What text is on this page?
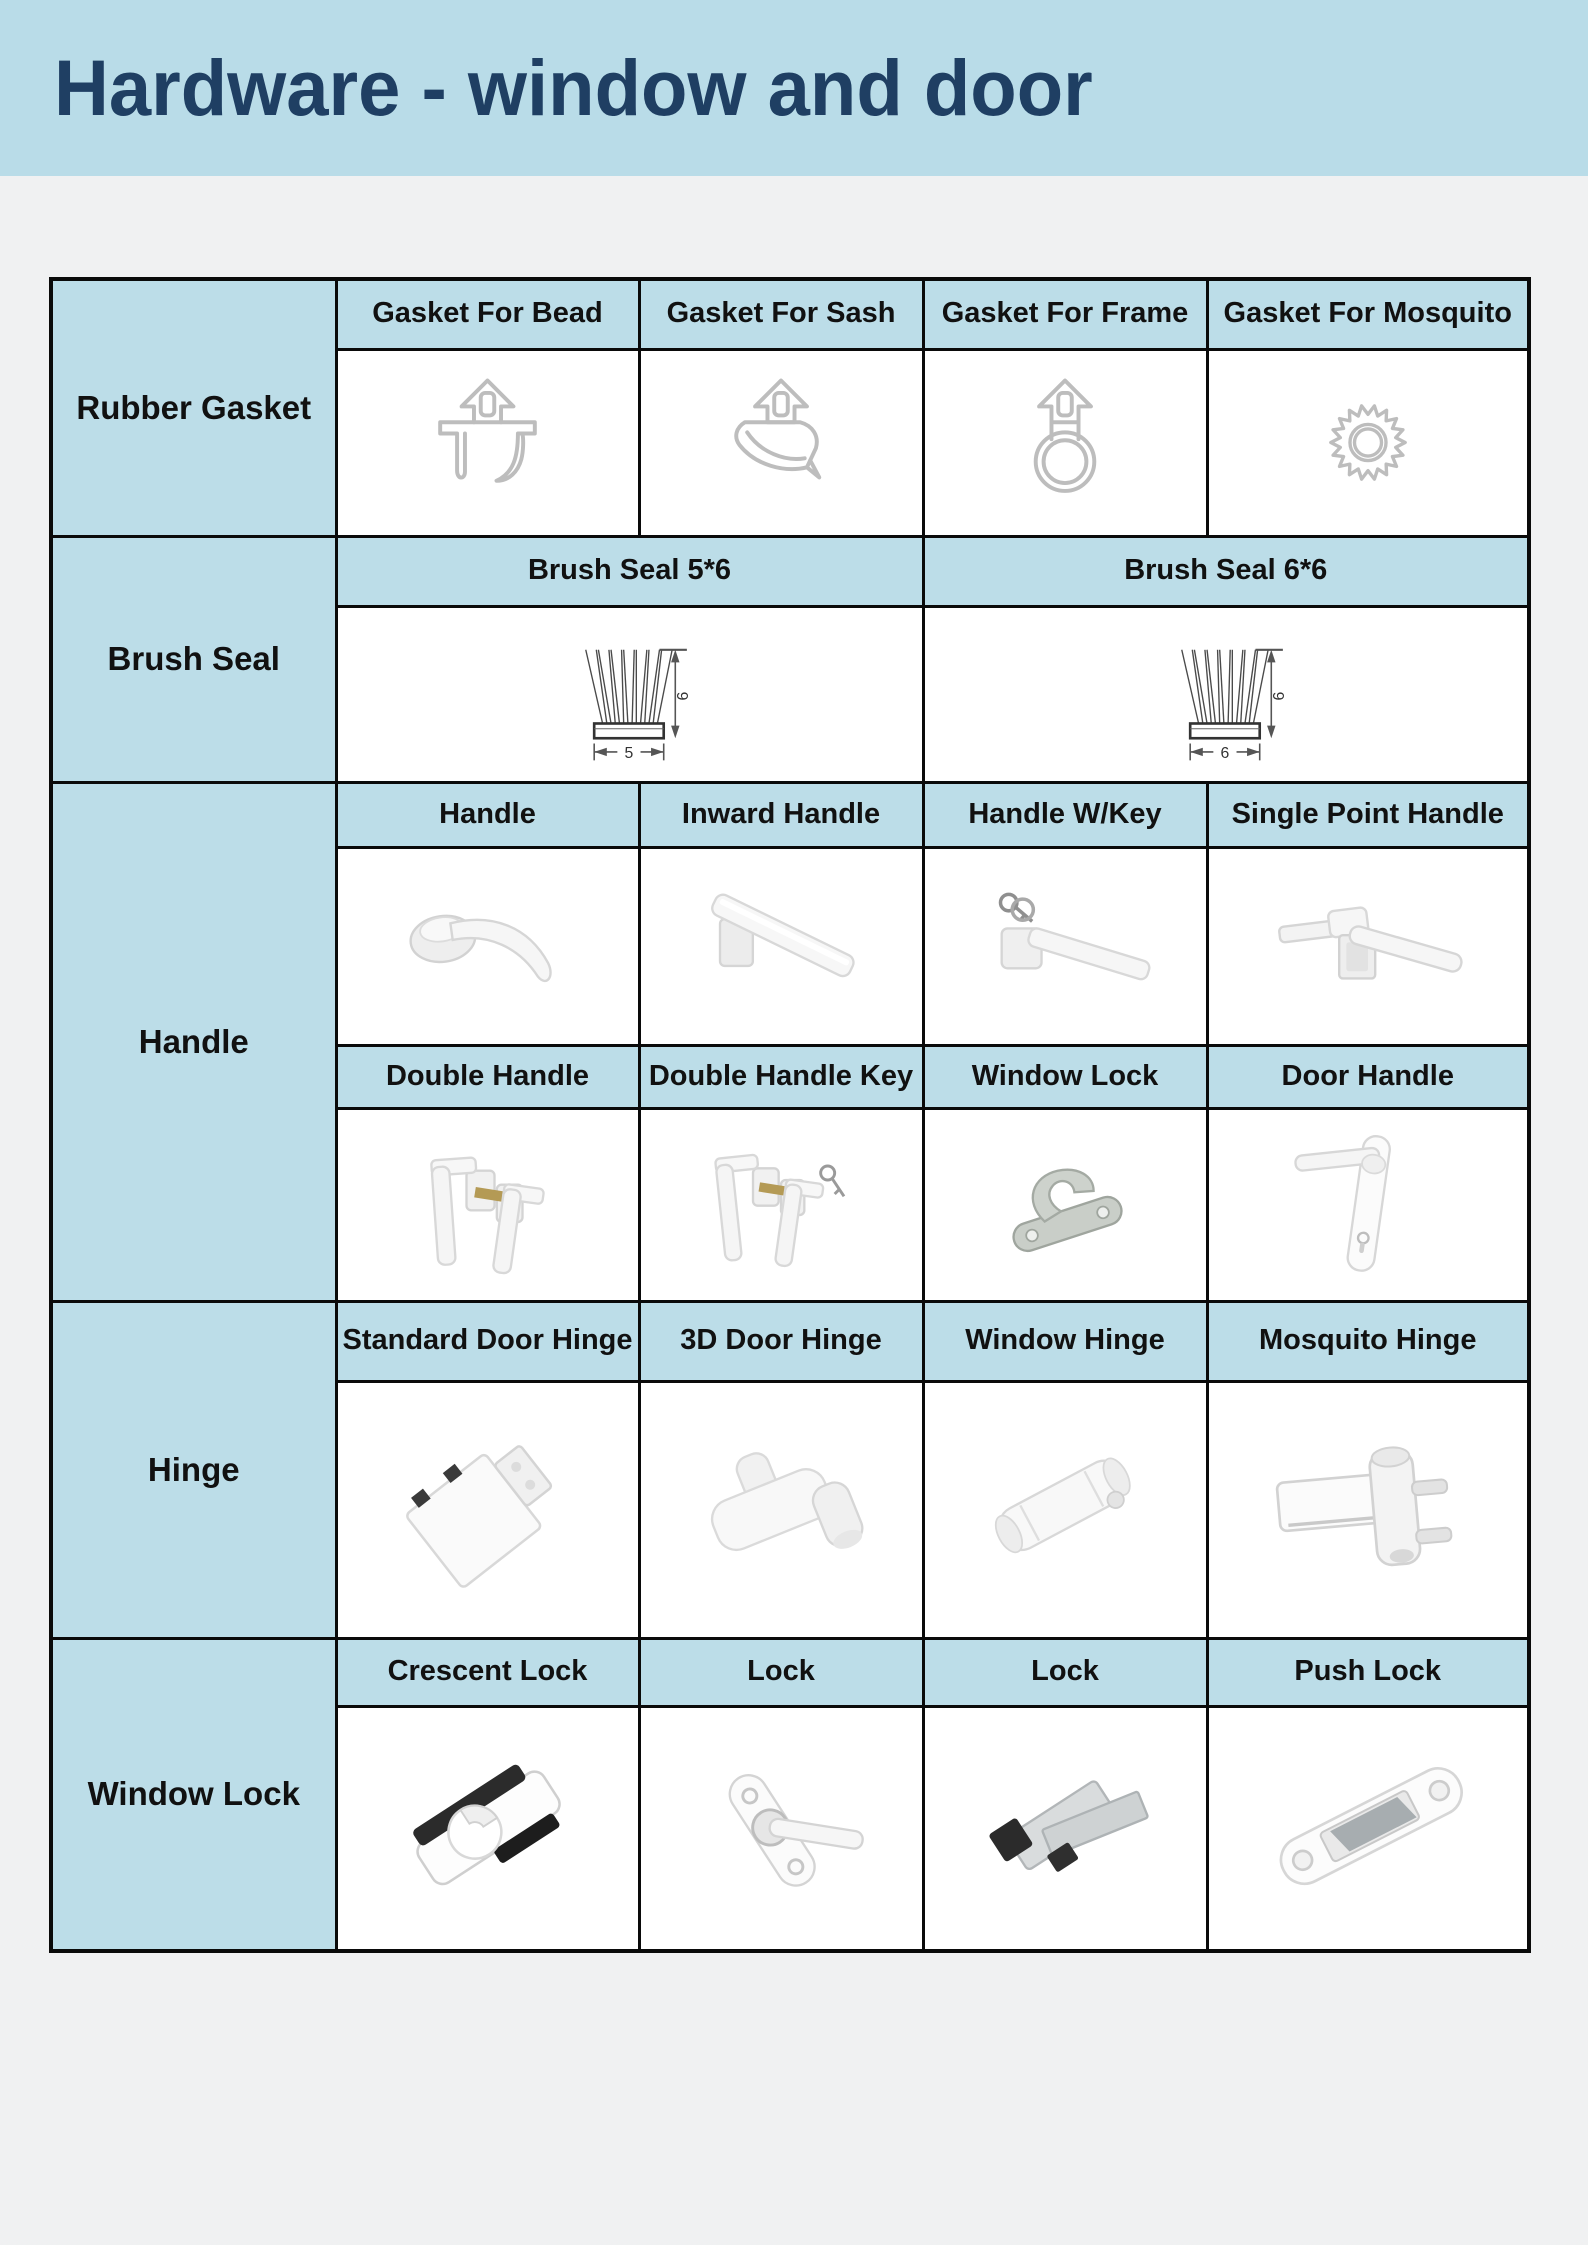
Hardware - window and door
Rubber Gasket	Gasket For Bead	Gasket For Sash	Gasket For Frame	Gasket For Mosquito

Brush Seal	Brush Seal 5*6		Brush Seal 6*6	

6
5		6
6	

Handle	Handle	Inward Handle	Handle W/Key	Single Point Handle

	Double Handle	Double Handle Key	Window Lock	Door Handle

Hinge	Standard Door Hinge	3D Door Hinge	Window Hinge	Mosquito Hinge

Window Lock	Crescent Lock	Lock	Lock	Push Lock
